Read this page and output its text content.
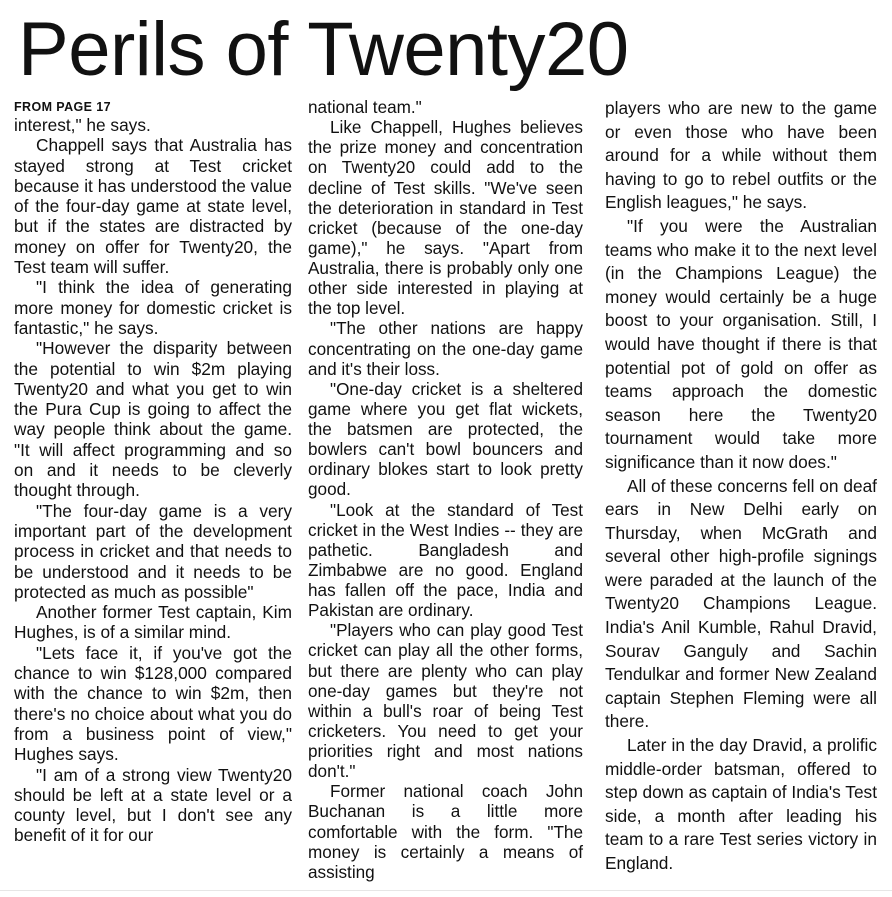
Perils of Twenty20
FROM PAGE 17

interest," he says.

Chappell says that Australia has stayed strong at Test cricket because it has understood the value of the four-day game at state level, but if the states are distracted by money on offer for Twenty20, the Test team will suffer.

"I think the idea of generating more money for domestic cricket is fantastic," he says.

"However the disparity between the potential to win $2m playing Twenty20 and what you get to win the Pura Cup is going to affect the way people think about the game. "It will affect programming and so on and it needs to be cleverly thought through.

"The four-day game is a very important part of the development process in cricket and that needs to be understood and it needs to be protected as much as possible"

Another former Test captain, Kim Hughes, is of a similar mind.

"Lets face it, if you've got the chance to win $128,000 compared with the chance to win $2m, then there's no choice about what you do from a business point of view," Hughes says.

"I am of a strong view Twenty20 should be left at a state level or a county level, but I don't see any benefit of it for our

national team."

Like Chappell, Hughes believes the prize money and concentration on Twenty20 could add to the decline of Test skills. "We've seen the deterioration in standard in Test cricket (because of the one-day game)," he says. "Apart from Australia, there is probably only one other side interested in playing at the top level.

"The other nations are happy concentrating on the one-day game and it's their loss.

"One-day cricket is a sheltered game where you get flat wickets, the batsmen are protected, the bowlers can't bowl bouncers and ordinary blokes start to look pretty good.

"Look at the standard of Test cricket in the West Indies -- they are pathetic. Bangladesh and Zimbabwe are no good. England has fallen off the pace, India and Pakistan are ordinary.

"Players who can play good Test cricket can play all the other forms, but there are plenty who can play one-day games but they're not within a bull's roar of being Test cricketers. You need to get your priorities right and most nations don't."

Former national coach John Buchanan is a little more comfortable with the form. "The money is certainly a means of assisting

players who are new to the game or even those who have been around for a while without them having to go to rebel outfits or the English leagues," he says.

"If you were the Australian teams who make it to the next level (in the Champions League) the money would certainly be a huge boost to your organisation. Still, I would have thought if there is that potential pot of gold on offer as teams approach the domestic season here the Twenty20 tournament would take more significance than it now does."

All of these concerns fell on deaf ears in New Delhi early on Thursday, when McGrath and several other high-profile signings were paraded at the launch of the Twenty20 Champions League. India's Anil Kumble, Rahul Dravid, Sourav Ganguly and Sachin Tendulkar and former New Zealand captain Stephen Fleming were all there.

Later in the day Dravid, a prolific middle-order batsman, offered to step down as captain of India's Test side, a month after leading his team to a rare Test series victory in England.
